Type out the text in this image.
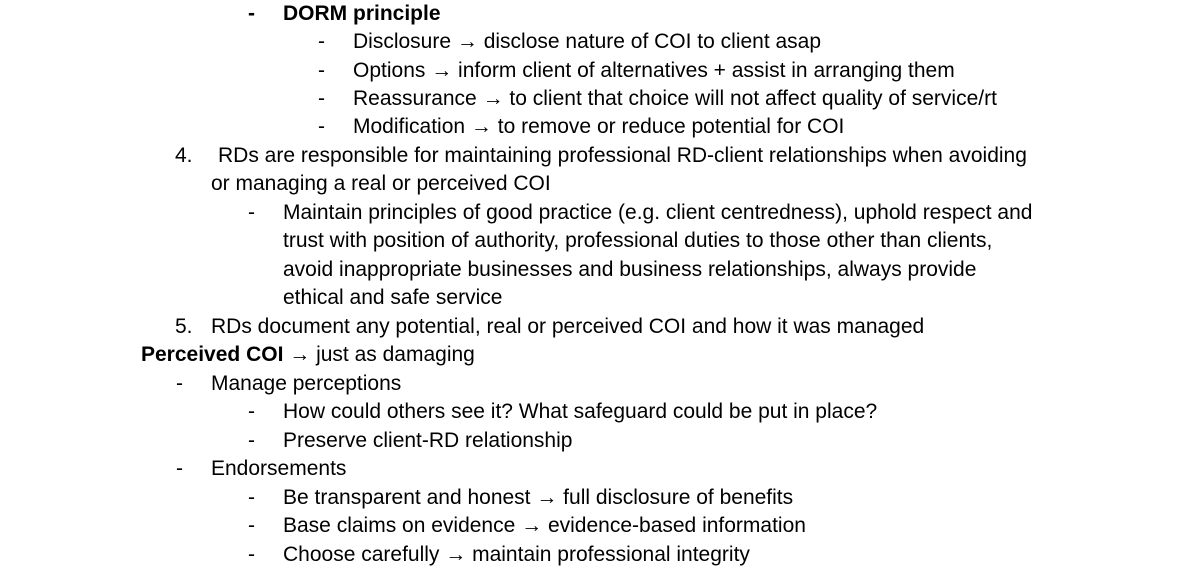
- DORM principle
- Disclosure → disclose nature of COI to client asap
- Options → inform client of alternatives + assist in arranging them
- Reassurance → to client that choice will not affect quality of service/rt
- Modification → to remove or reduce potential for COI
4. RDs are responsible for maintaining professional RD-client relationships when avoiding
or managing a real or perceived COI
- Maintain principles of good practice (e.g. client centredness), uphold respect and
trust with position of authority, professional duties to those other than clients,
avoid inappropriate businesses and business relationships, always provide
ethical and safe service
5. RDs document any potential, real or perceived COI and how it was managed
Perceived COI → just as damaging
- Manage perceptions
- How could others see it? What safeguard could be put in place?
- Preserve client-RD relationship
- Endorsements
- Be transparent and honest → full disclosure of benefits
- Base claims on evidence → evidence-based information
- Choose carefully → maintain professional integrity
